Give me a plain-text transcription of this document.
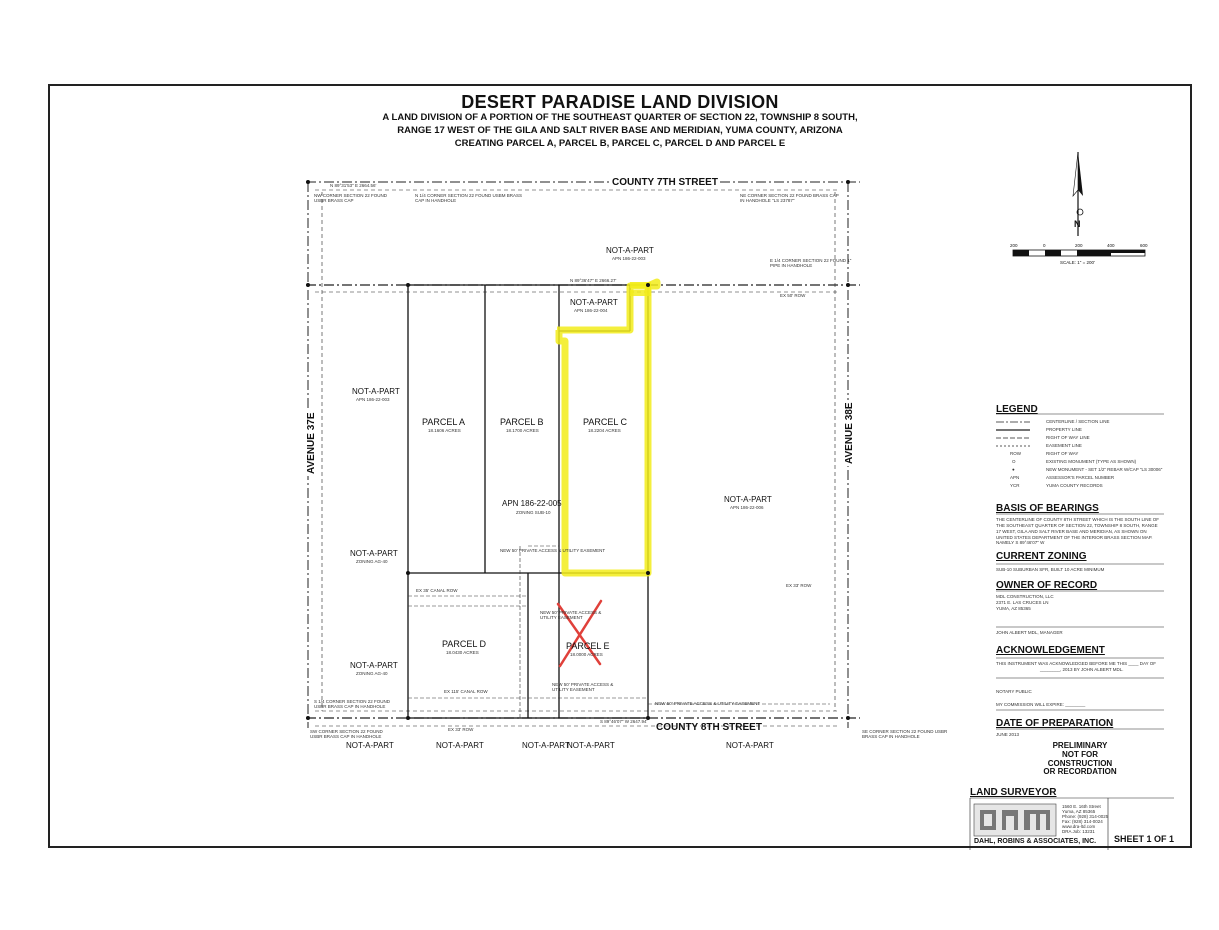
DESERT PARADISE LAND DIVISION
A LAND DIVISION OF A PORTION OF THE SOUTHEAST QUARTER OF SECTION 22, TOWNSHIP 8 SOUTH,
RANGE 17 WEST OF THE GILA AND SALT RIVER BASE AND MERIDIAN, YUMA COUNTY, ARIZONA
CREATING PARCEL A, PARCEL B, PARCEL C, PARCEL D AND PARCEL E
N
200	0	200	400	600
SCALE: 1" = 200'
COUNTY 7TH STREET
COUNTY 8TH STREET
AVENUE 37E	AVENUE 38E
N 89°31'53" E 2664.56'
N 89°36'47" E 2666.27'
S 89°46'07" W 2647.94'
NW CORNER SECTION 22 FOUND USBR BRASS CAP
N 1/4 CORNER SECTION 22 FOUND USBM BRASS CAP IN HANDHOLE
NE CORNER SECTION 22 FOUND BRASS CAP IN HANDHOLE "LS 23787"
E 1/4 CORNER SECTION 22 FOUND 1" PIPE IN HANDHOLE
S 1/4 CORNER SECTION 22 FOUND USBR BRASS CAP IN HANDHOLE
SW CORNER SECTION 22 FOUND USBR BRASS CAP IN HANDHOLE
SE CORNER SECTION 22 FOUND USBR BRASS CAP IN HANDHOLE
PARCEL A
18.1606 ACRES
PARCEL B
18.1700 ACRES
PARCEL C
18.2204 ACRES
PARCEL D
18.0430 ACRES
PARCEL E
18.0000 ACRES
APN 186-22-005
ZONING SUB-10
NOT-A-PART
APN 186-22-003
NOT-A-PART
APN 186-22-004
NOT-A-PART
APN 186-22-003
NOT-A-PART
ZONING AG-40
NOT-A-PART
ZONING AG-40
NOT-A-PART
APN 186-22-006
NOT-A-PART	NOT-A-PART	NOT-A-PART
NOT-A-PART	NOT-A-PART
NEW 50' PRIVATE ACCESS & UTILITY EASEMENT
NEW 50' PRIVATE ACCESS & UTILITY EASEMENT
NEW 50' PRIVATE ACCESS & UTILITY EASEMENT
NEW 50' PRIVATE ACCESS & UTILITY EASEMENT
EX 35' CANAL ROW
EX 115' CANAL ROW
EX 50' ROW
EX 33' ROW
EX 33' ROW
LEGEND
CENTERLINE / SECTION LINE
PROPERTY LINE
RIGHT OF WAY LINE
EASEMENT LINE
ROW	RIGHT OF WAY
O	EXISTING MONUMENT (TYPE AS SHOWN)
●	NEW MONUMENT - SET 1/2" REBAR W/CAP "LS 30006"
APN	ASSESSOR'S PARCEL NUMBER
YCR	YUMA COUNTY RECORDS
BASIS OF BEARINGS
THE CENTERLINE OF COUNTY 8TH STREET WHICH IS THE SOUTH LINE OF THE SOUTHEAST QUARTER OF SECTION 22, TOWNSHIP 8 SOUTH, RANGE 17 WEST, GILA AND SALT RIVER BASE AND MERIDIAN, AS SHOWN ON UNITED STATES DEPARTMENT OF THE INTERIOR BRASS SECTION MAP. NAMELY S 89°46'07" W
CURRENT ZONING
SUB-10 SUBURBAN SFR, BUILT 10 ACRE MINIMUM
OWNER OF RECORD
MDL CONSTRUCTION, LLC
2371 E. LAS CRUCES LN
YUMA, AZ 85365
JOHN ALBERT MDL, MANAGER
ACKNOWLEDGEMENT
THIS INSTRUMENT WAS ACKNOWLEDGED BEFORE ME THIS ____ DAY OF
________, 2013 BY JOHN ALBERT MDL.
NOTARY PUBLIC
MY COMMISSION WILL EXPIRE: ________
DATE OF PREPARATION
JUNE 2013
PRELIMINARY
NOT FOR CONSTRUCTION
OR RECORDATION
LAND SURVEYOR
1560 E. 16th Street
Yuma, AZ 85365
Phone: (928) 314-0025
Fax: (928) 314-0024
www.dra-ltd.com
DRA Job: 13231
DAHL, ROBINS & ASSOCIATES, INC. SHEET 1 OF 1
